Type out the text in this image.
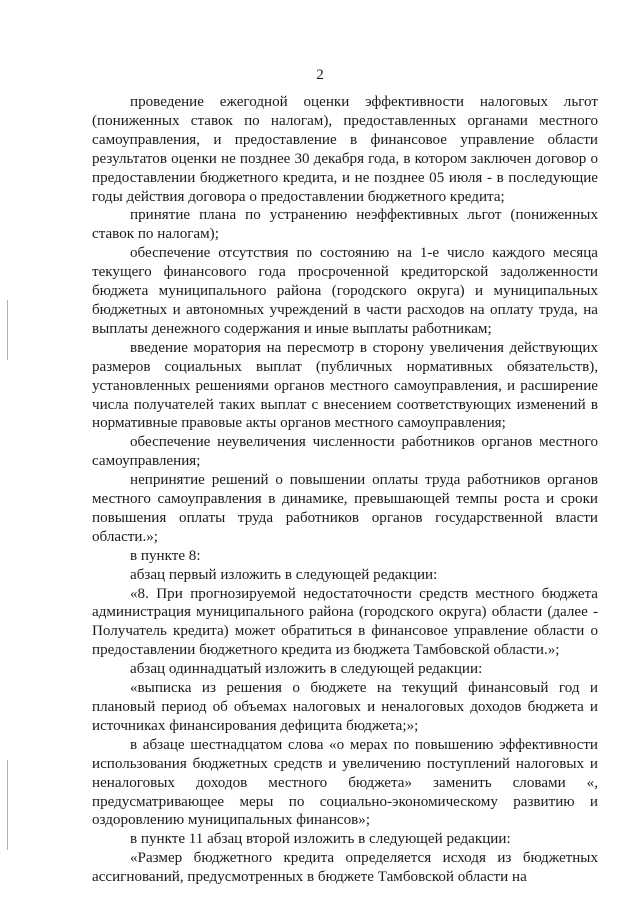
2

проведение ежегодной оценки эффективности налоговых льгот (пониженных ставок по налогам), предоставленных органами местного самоуправления, и предоставление в финансовое управление области результатов оценки не позднее 30 декабря года, в котором заключен договор о предоставлении бюджетного кредита, и не позднее 05 июля - в последующие годы действия договора о предоставлении бюджетного кредита;

принятие плана по устранению неэффективных льгот (пониженных ставок по налогам);

обеспечение отсутствия по состоянию на 1-е число каждого месяца текущего финансового года просроченной кредиторской задолженности бюджета муниципального района (городского округа) и муниципальных бюджетных и автономных учреждений в части расходов на оплату труда, на выплаты денежного содержания и иные выплаты работникам;

введение моратория на пересмотр в сторону увеличения действующих размеров социальных выплат (публичных нормативных обязательств), установленных решениями органов местного самоуправления, и расширение числа получателей таких выплат с внесением соответствующих изменений в нормативные правовые акты органов местного самоуправления;

обеспечение неувеличения численности работников органов местного самоуправления;

непринятие решений о повышении оплаты труда работников органов местного самоуправления в динамике, превышающей темпы роста и сроки повышения оплаты труда работников органов государственной власти области.»;

в пункте 8:

абзац первый изложить в следующей редакции:

«8. При прогнозируемой недостаточности средств местного бюджета администрация муниципального района (городского округа) области (далее - Получатель кредита) может обратиться в финансовое управление области о предоставлении бюджетного кредита из бюджета Тамбовской области.»;

абзац одиннадцатый изложить в следующей редакции:

«выписка из решения о бюджете на текущий финансовый год и плановый период об объемах налоговых и неналоговых доходов бюджета и источниках финансирования дефицита бюджета;»;

в абзаце шестнадцатом слова «о мерах по повышению эффективности использования бюджетных средств и увеличению поступлений налоговых и неналоговых доходов местного бюджета» заменить словами «, предусматривающее меры по социально-экономическому развитию и оздоровлению муниципальных финансов»;

в пункте 11 абзац второй изложить в следующей редакции:

«Размер бюджетного кредита определяется исходя из бюджетных ассигнований, предусмотренных в бюджете Тамбовской области на
